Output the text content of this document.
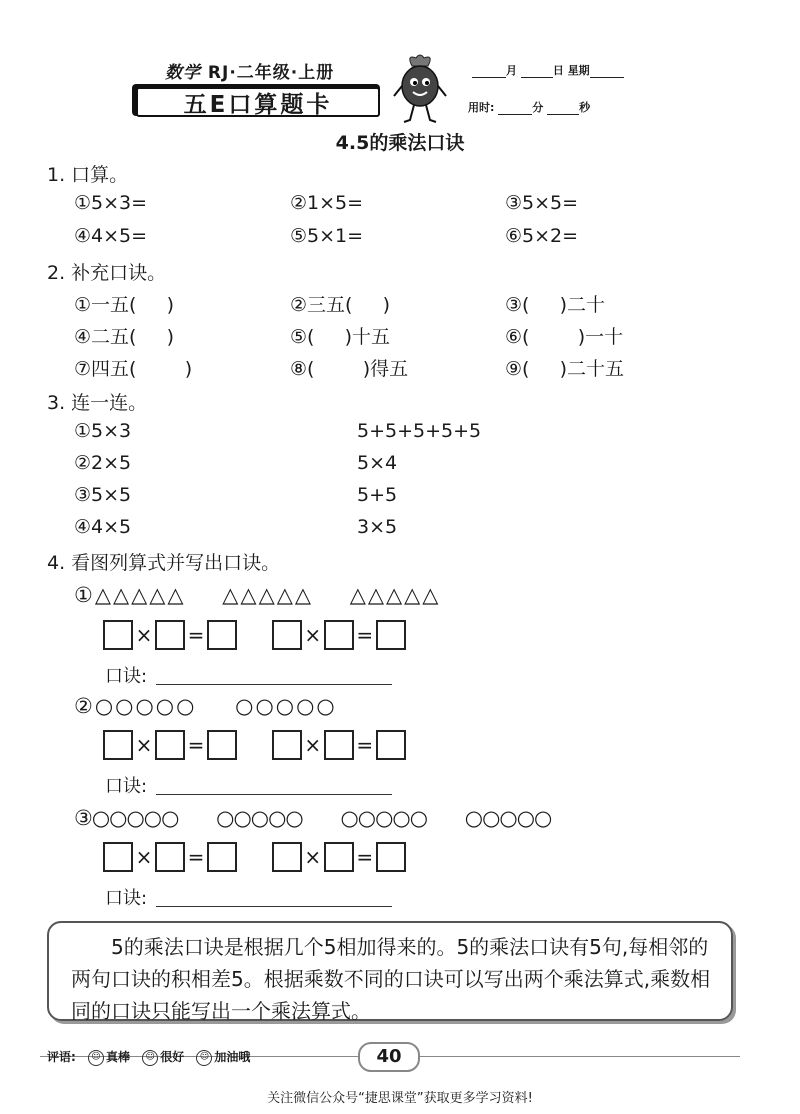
数学 RJ·二年级·上册
五E口算题卡
月	日 星期
用时:	分	秒
4.5的乘法口诀
1. 口算。
①5×3=	②1×5=	③5×5=
④4×5=	⑤5×1=	⑥5×2=
2. 补充口诀。
①一五(     )	②三五(     )	③(     )二十
④二五(     )	⑤(     )十五	⑥(        )一十
⑦四五(        )	⑧(        )得五	⑨(     )二十五
3. 连一连。
①5×3
②2×5
③5×5
④4×5
5+5+5+5+5
5×4
5+5
3×5
4. 看图列算式并写出口诀。
①△△△△△ △△△△△ △△△△△
× =	× =
口诀:
②○○○○○ ○○○○○
× =	× =
口诀:
③○○○○○ ○○○○○ ○○○○○ ○○○○○
× =	× =
口诀:
5的乘法口诀是根据几个5相加得来的。5的乘法口诀有5句,每相邻的两句口诀的积相差5。根据乘数不同的口诀可以写出两个乘法算式,乘数相同的口诀只能写出一个乘法算式。
评语: ☺ 真棒 ☺ 很好 ☺ 加油哦	40
关注微信公众号“捷思课堂”获取更多学习资料!
